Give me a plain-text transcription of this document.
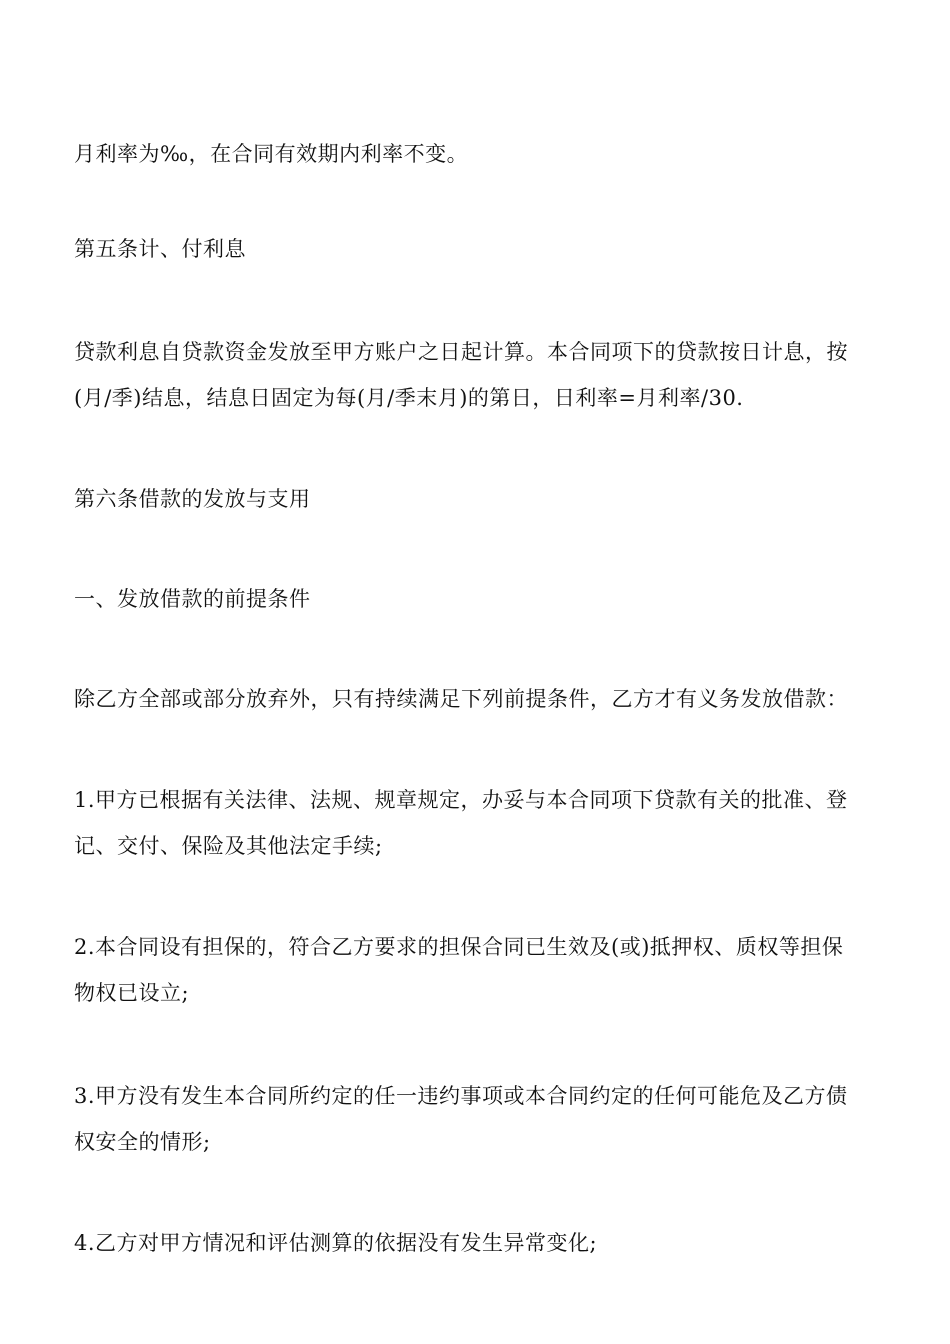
月利率为‰，在合同有效期内利率不变。

第五条计、付利息

贷款利息自贷款资金发放至甲方账户之日起计算。本合同项下的贷款按日计息，按
(月/季)结息，结息日固定为每(月/季末月)的第日，日利率=月利率/30.

第六条借款的发放与支用

一、发放借款的前提条件

除乙方全部或部分放弃外，只有持续满足下列前提条件，乙方才有义务发放借款：

1.甲方已根据有关法律、法规、规章规定，办妥与本合同项下贷款有关的批准、登
记、交付、保险及其他法定手续;

2.本合同设有担保的，符合乙方要求的担保合同已生效及(或)抵押权、质权等担保
物权已设立;

3.甲方没有发生本合同所约定的任一违约事项或本合同约定的任何可能危及乙方债
权安全的情形;

4.乙方对甲方情况和评估测算的依据没有发生异常变化;
